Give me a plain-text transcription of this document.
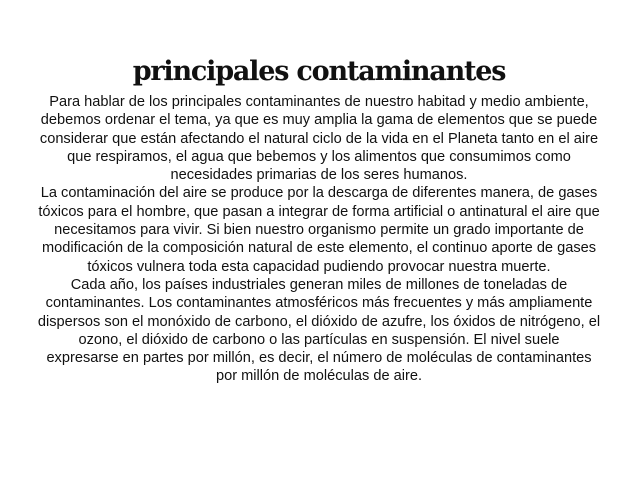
principales contaminantes
Para hablar de los principales contaminantes de nuestro habitad y medio ambiente,
debemos ordenar el tema, ya que es muy amplia la gama de elementos que se puede
considerar que están afectando el natural ciclo de la vida en el Planeta tanto en el aire
que respiramos, el agua que bebemos y los alimentos que consumimos como
necesidades primarias de los seres humanos.
La contaminación del aire se produce por la descarga de diferentes manera, de gases
tóxicos para el hombre, que pasan a integrar de forma artificial o antinatural el aire que
necesitamos para vivir. Si bien nuestro organismo permite un grado importante de
modificación de la composición natural de este elemento, el continuo aporte de gases
tóxicos vulnera toda esta capacidad pudiendo provocar nuestra muerte.
Cada año, los países industriales generan miles de millones de toneladas de
contaminantes. Los contaminantes atmosféricos más frecuentes y más ampliamente
dispersos son el monóxido de carbono, el dióxido de azufre, los óxidos de nitrógeno, el
ozono, el dióxido de carbono o las partículas en suspensión. El nivel suele
expresarse en partes por millón, es decir, el número de moléculas de contaminantes
por millón de moléculas de aire.
